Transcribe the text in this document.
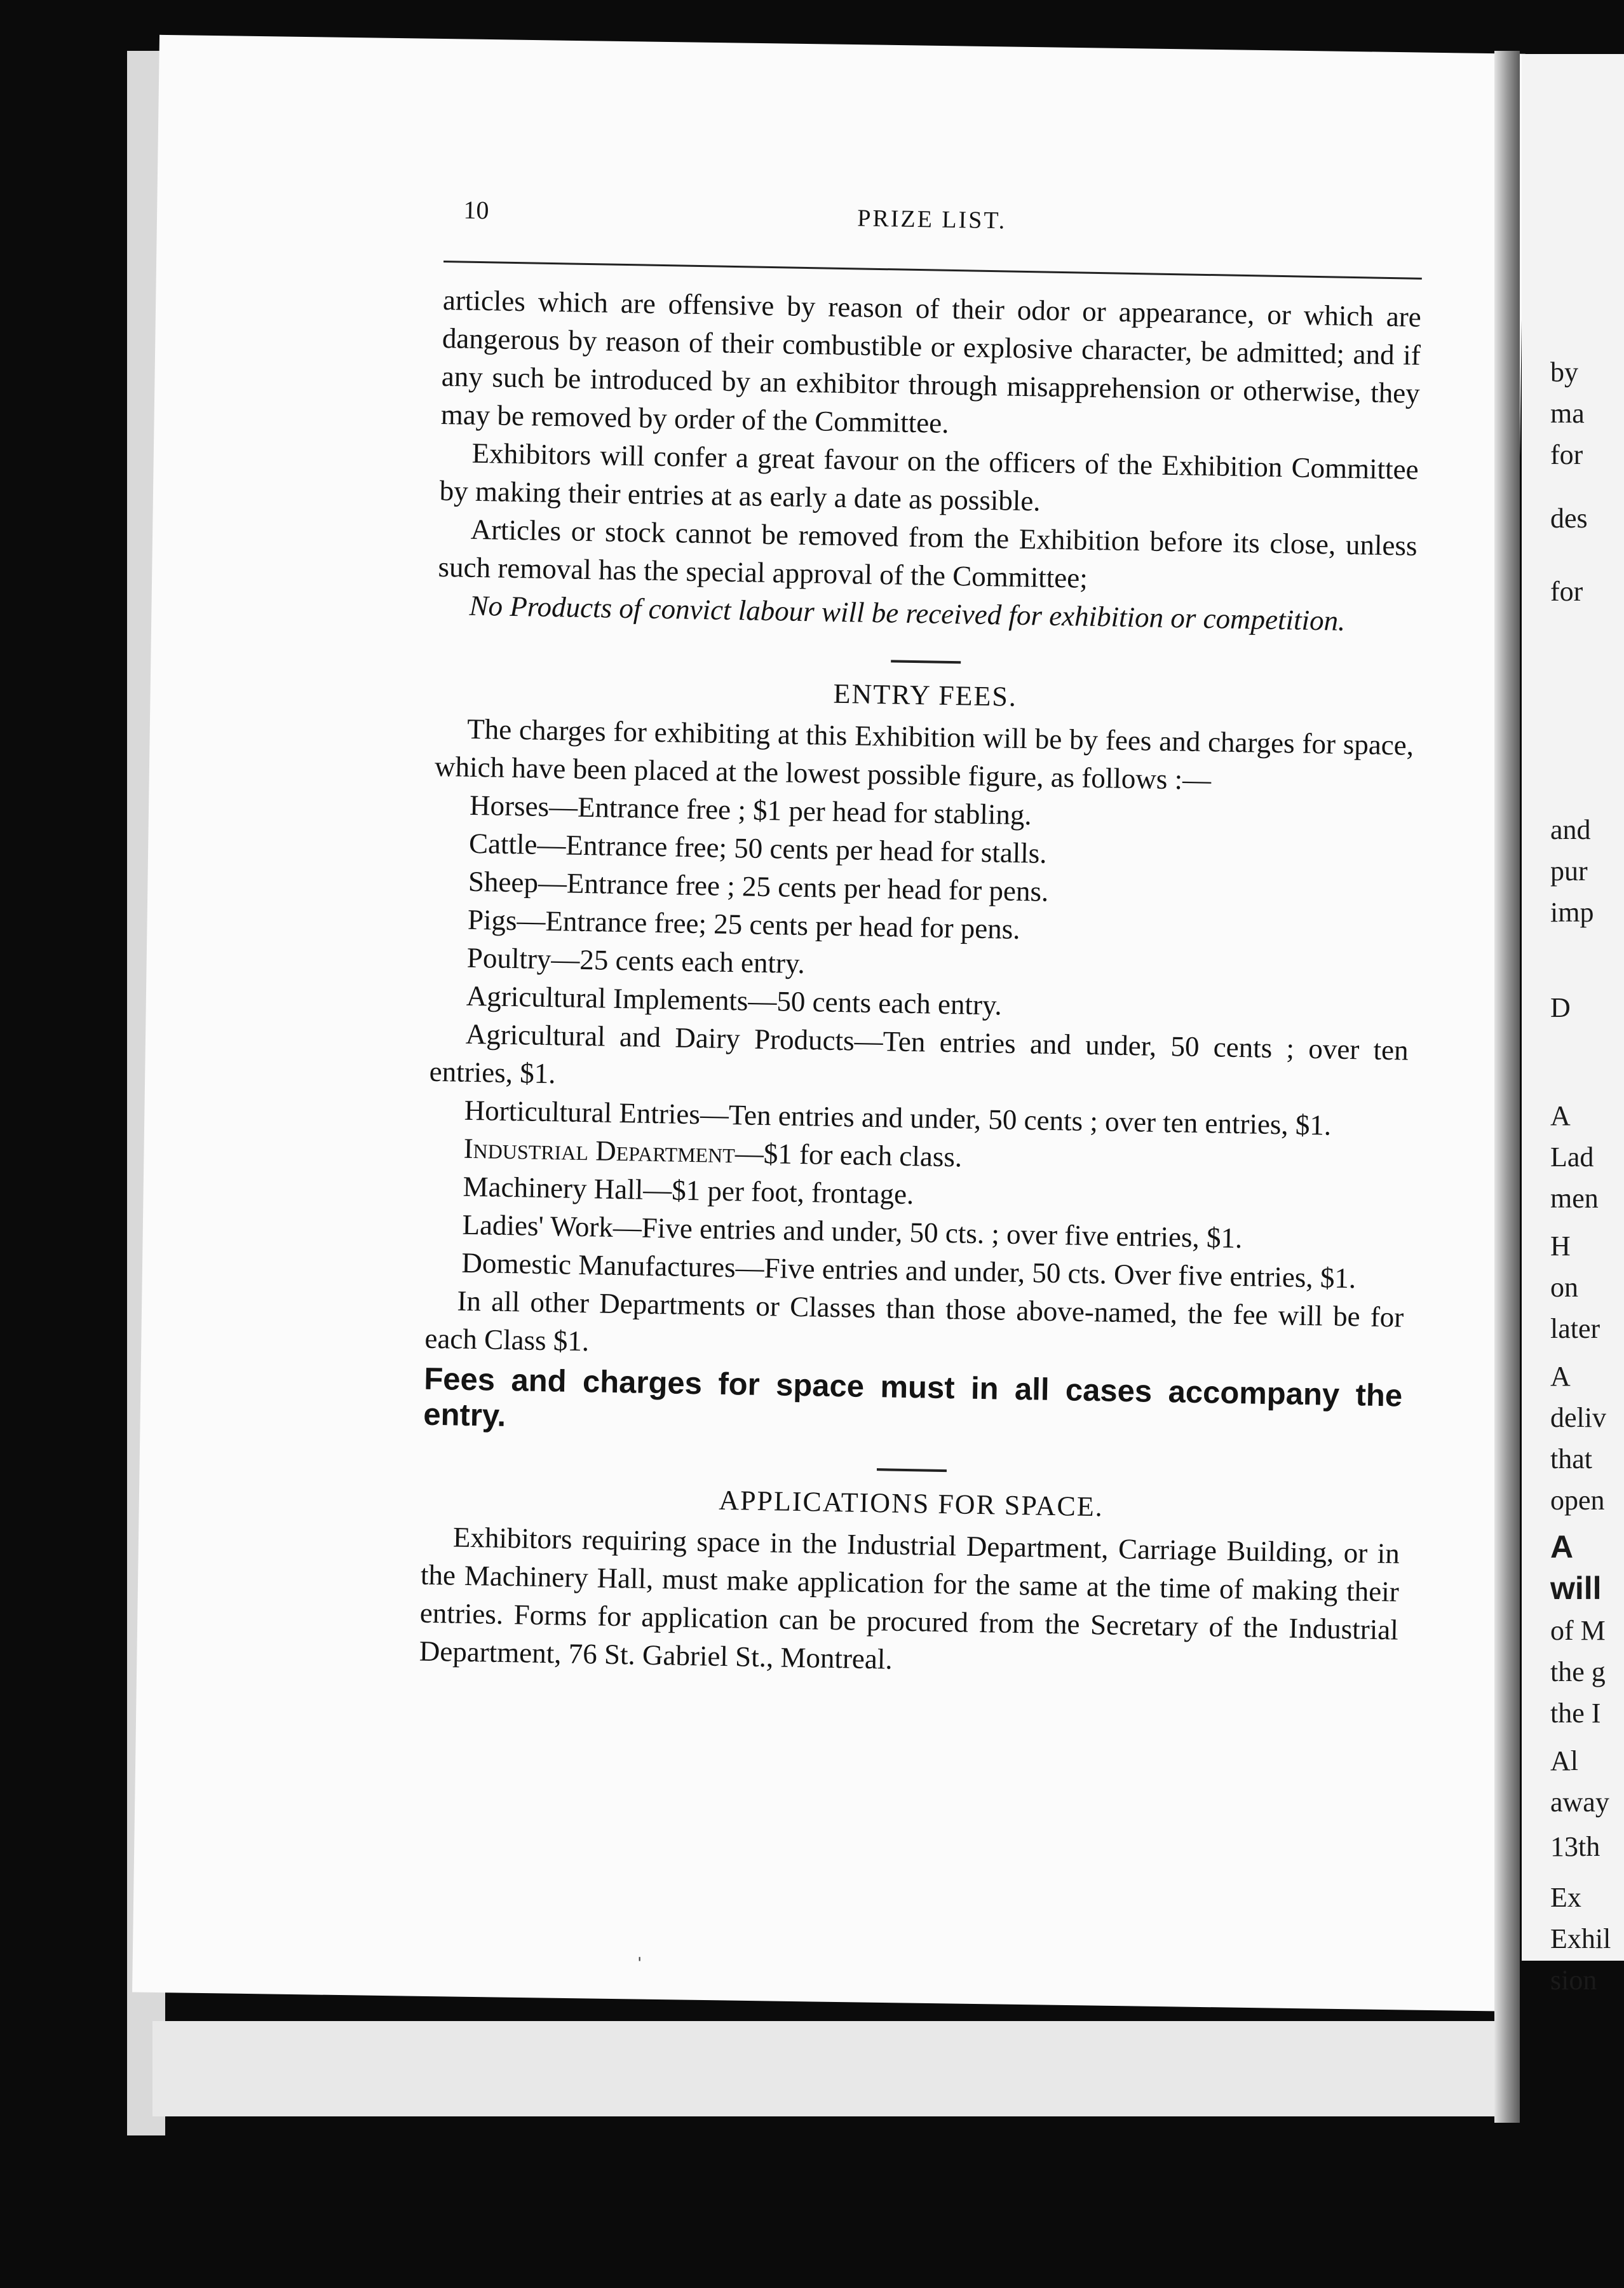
by
ma
for
des
for
and
pur
imp
D
A
Lad
men
H
on
later
A
deliv
that
open
A
will
of M
the g
the I
Al
away
13th
Ex
Exhil
sion
10	PRIZE LIST.

articles which are offensive by reason of their odor or appearance, or which are dangerous by reason of their combustible or explosive character, be admitted; and if any such be introduced by an exhibitor through misapprehension or otherwise, they may be removed by order of the Committee.

Exhibitors will confer a great favour on the officers of the Exhibition Committee by making their entries at as early a date as possible.

Articles or stock cannot be removed from the Exhibition before its close, unless such removal has the special approval of the Committee;

No Products of convict labour will be received for exhibition or competition.

ENTRY FEES.

The charges for exhibiting at this Exhibition will be by fees and charges for space, which have been placed at the lowest possible figure, as follows :—

Horses—Entrance free ; $1 per head for stabling.

Cattle—Entrance free; 50 cents per head for stalls.

Sheep—Entrance free ; 25 cents per head for pens.

Pigs—Entrance free; 25 cents per head for pens.

Poultry—25 cents each entry.

Agricultural Implements—50 cents each entry.

Agricultural and Dairy Products—Ten entries and under, 50 cents ; over ten entries, $1.

Horticultural Entries—Ten entries and under, 50 cents ; over ten entries, $1.

Industrial Department—$1 for each class.

Machinery Hall—$1 per foot, frontage.

Ladies' Work—Five entries and under, 50 cts. ; over five entries, $1.

Domestic Manufactures—Five entries and under, 50 cts. Over five entries, $1.

In all other Departments or Classes than those above-named, the fee will be for each Class $1.

Fees and charges for space must in all cases accompany the entry.

APPLICATIONS FOR SPACE.

Exhibitors requiring space in the Industrial Department, Carriage Building, or in the Machinery Hall, must make application for the same at the time of making their entries. Forms for application can be procured from the Secretary of the Industrial Department, 76 St. Gabriel St., Montreal.

ˌ
